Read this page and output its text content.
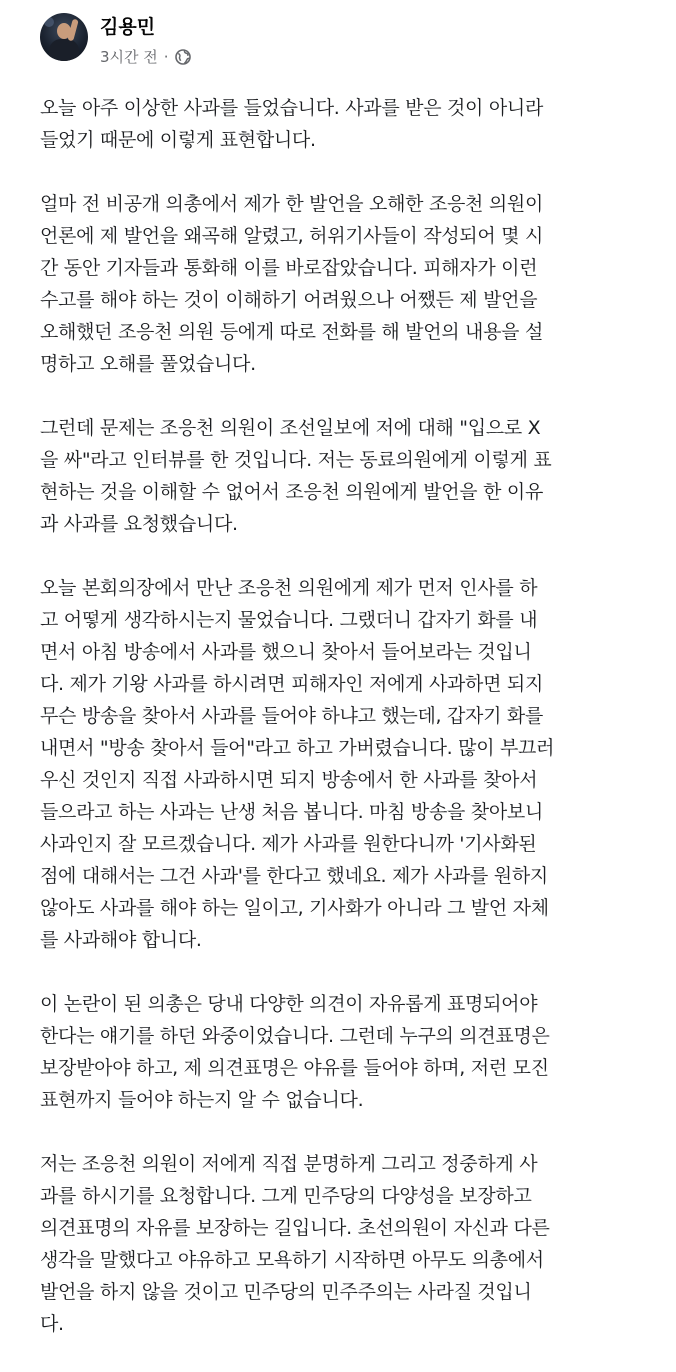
김용민
3시간 전 ·
오늘 아주 이상한 사과를 들었습니다. 사과를 받은 것이 아니라
들었기 때문에 이렇게 표현합니다.
얼마 전 비공개 의총에서 제가 한 발언을 오해한 조응천 의원이
언론에 제 발언을 왜곡해 알렸고, 허위기사들이 작성되어 몇 시
간 동안 기자들과 통화해 이를 바로잡았습니다. 피해자가 이런
수고를 해야 하는 것이 이해하기 어려웠으나 어쨌든 제 발언을
오해했던 조응천 의원 등에게 따로 전화를 해 발언의 내용을 설
명하고 오해를 풀었습니다.
그런데 문제는 조응천 의원이 조선일보에 저에 대해 "입으로 X
을 싸"라고 인터뷰를 한 것입니다. 저는 동료의원에게 이렇게 표
현하는 것을 이해할 수 없어서 조응천 의원에게 발언을 한 이유
과 사과를 요청했습니다.
오늘 본회의장에서 만난 조응천 의원에게 제가 먼저 인사를 하
고 어떻게 생각하시는지 물었습니다. 그랬더니 갑자기 화를 내
면서 아침 방송에서 사과를 했으니 찾아서 들어보라는 것입니
다. 제가 기왕 사과를 하시려면 피해자인 저에게 사과하면 되지
무슨 방송을 찾아서 사과를 들어야 하냐고 했는데, 갑자기 화를
내면서 "방송 찾아서 들어"라고 하고 가버렸습니다. 많이 부끄러
우신 것인지 직접 사과하시면 되지 방송에서 한 사과를 찾아서
들으라고 하는 사과는 난생 처음 봅니다. 마침 방송을 찾아보니
사과인지 잘 모르겠습니다. 제가 사과를 원한다니까 '기사화된
점에 대해서는 그건 사과'를 한다고 했네요. 제가 사과를 원하지
않아도 사과를 해야 하는 일이고, 기사화가 아니라 그 발언 자체
를 사과해야 합니다.
이 논란이 된 의총은 당내 다양한 의견이 자유롭게 표명되어야
한다는 얘기를 하던 와중이었습니다. 그런데 누구의 의견표명은
보장받아야 하고, 제 의견표명은 야유를 들어야 하며, 저런 모진
표현까지 들어야 하는지 알 수 없습니다.
저는 조응천 의원이 저에게 직접 분명하게 그리고 정중하게 사
과를 하시기를 요청합니다. 그게 민주당의 다양성을 보장하고
의견표명의 자유를 보장하는 길입니다. 초선의원이 자신과 다른
생각을 말했다고 야유하고 모욕하기 시작하면 아무도 의총에서
발언을 하지 않을 것이고 민주당의 민주주의는 사라질 것입니
다.
